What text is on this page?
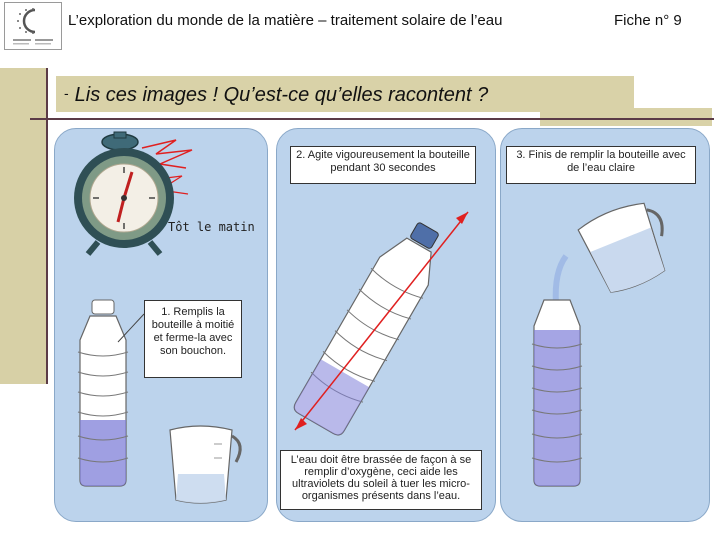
L’exploration du monde de la matière – traitement solaire de l’eau	Fiche n° 9
- Lis ces images ! Qu’est-ce qu’elles racontent ?
Tôt le matin
2. Agite vigoureusement la bouteille pendant 30 secondes
3. Finis de remplir la bouteille avec de l’eau claire
1. Remplis la bouteille à moitié et ferme-la avec son bouchon.
L’eau doit être brassée de façon à se remplir d’oxygène, ceci aide les ultraviolets du soleil à tuer les micro-organismes présents dans l’eau.
